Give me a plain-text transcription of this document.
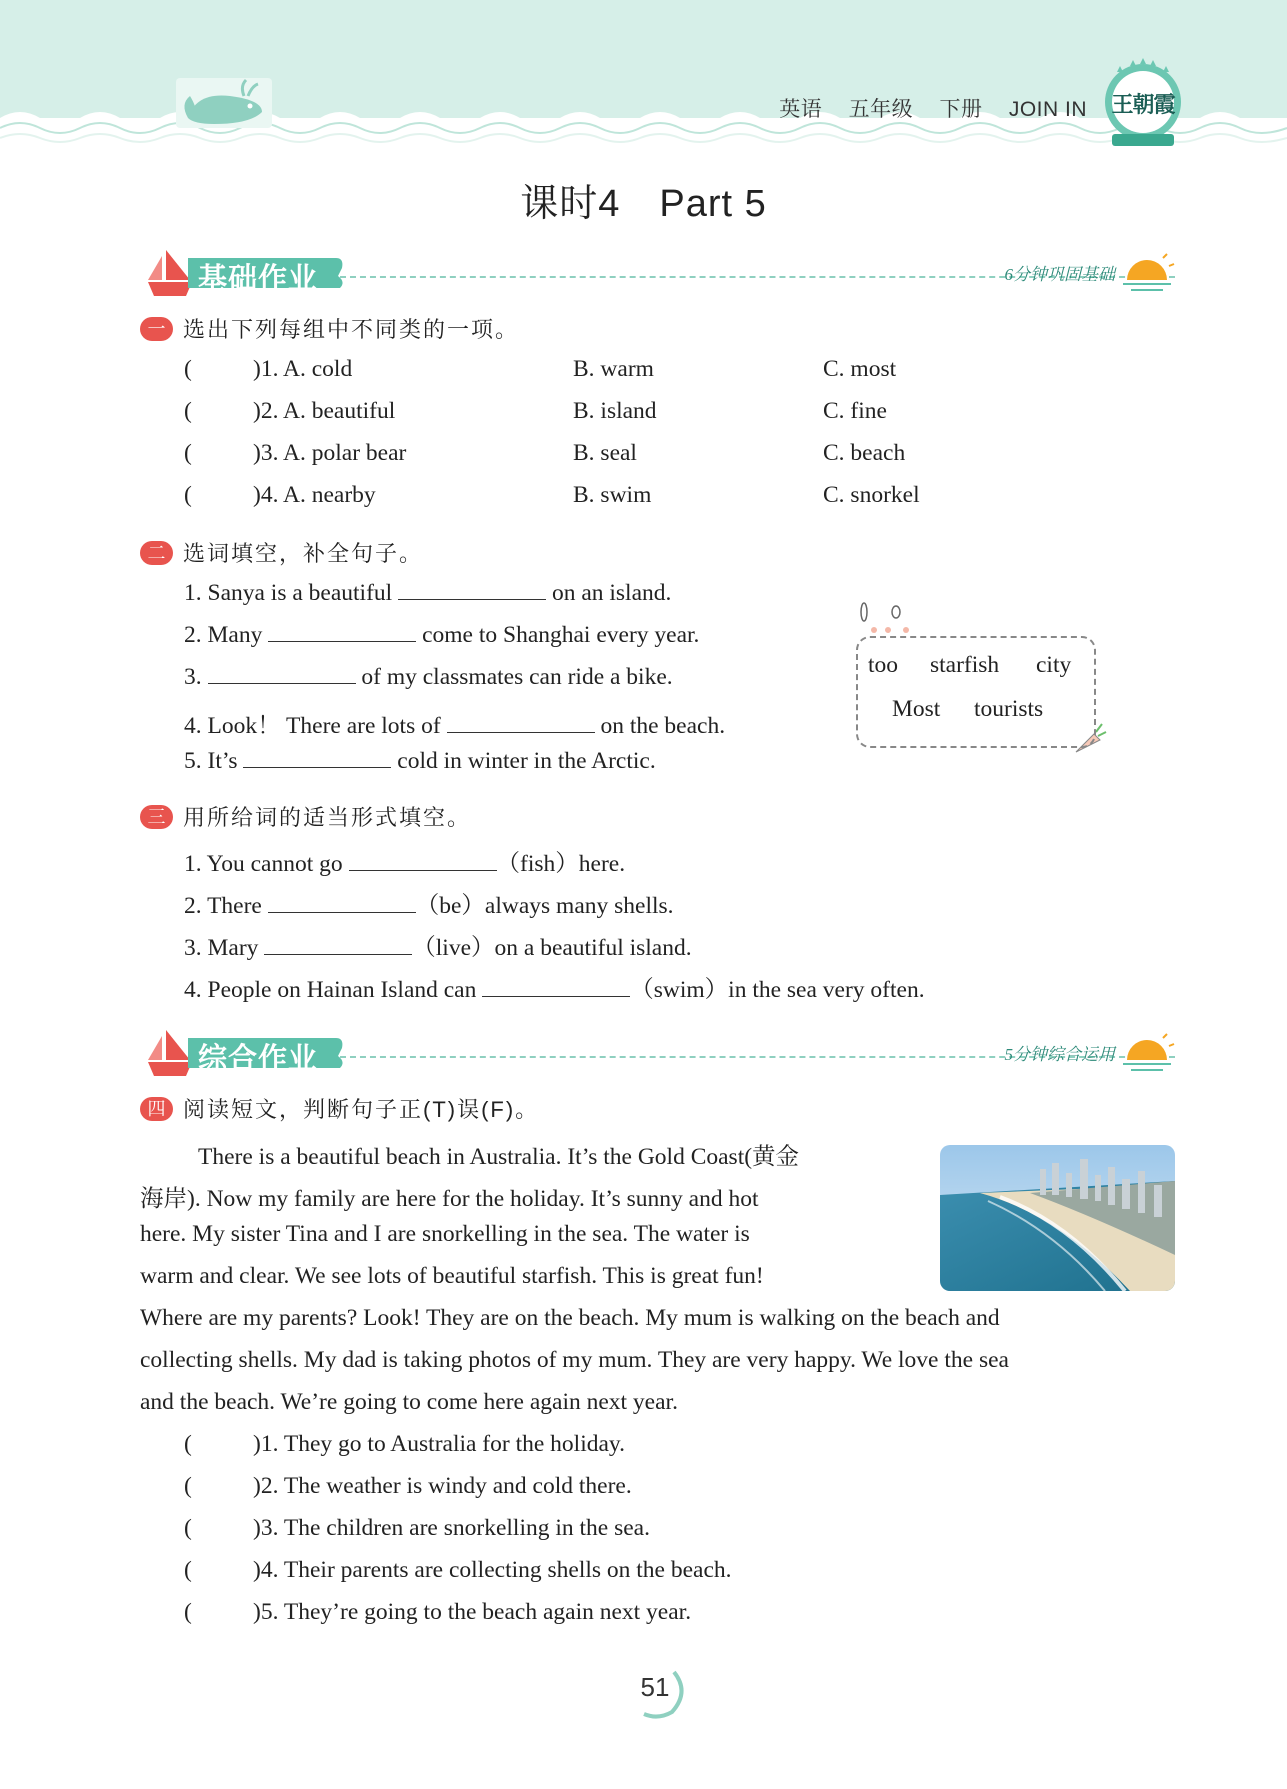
英语 五年级 下册 JOIN IN	王朝霞
课时4　Part 5
基础作业	6分钟巩固基础
一 选出下列每组中不同类的一项。
(	)1. A. cold	B. warm	C. most
(	)2. A. beautiful	B. island	C. fine
(	)3. A. polar bear	B. seal	C. beach
(	)4. A. nearby	B. swim	C. snorkel
二 选词填空，补全句子。
1. Sanya is a beautiful	on an island.
2. Many	come to Shanghai every year.
3.	of my classmates can ride a bike.
4. Look！ There are lots of	on the beach.
5. It’s	cold in winter in the Arctic.
too starfish city
Most tourists
三 用所给词的适当形式填空。
1. You cannot go	（fish）here.
2. There	（be）always many shells.
3. Mary	（live）on a beautiful island.
4. People on Hainan Island can	（swim）in the sea very often.
综合作业	5分钟综合运用
四 阅读短文，判断句子正(T)误(F)。
There is a beautiful beach in Australia. It’s the Gold Coast(黄金
海岸). Now my family are here for the holiday. It’s sunny and hot
here. My sister Tina and I are snorkelling in the sea. The water is
warm and clear. We see lots of beautiful starfish. This is great fun!
Where are my parents? Look! They are on the beach. My mum is walking on the beach and
collecting shells. My dad is taking photos of my mum. They are very happy. We love the sea
and the beach. We’re going to come here again next year.
(	)1. They go to Australia for the holiday.
(	)2. The weather is windy and cold there.
(	)3. The children are snorkelling in the sea.
(	)4. Their parents are collecting shells on the beach.
(	)5. They’re going to the beach again next year.
51
